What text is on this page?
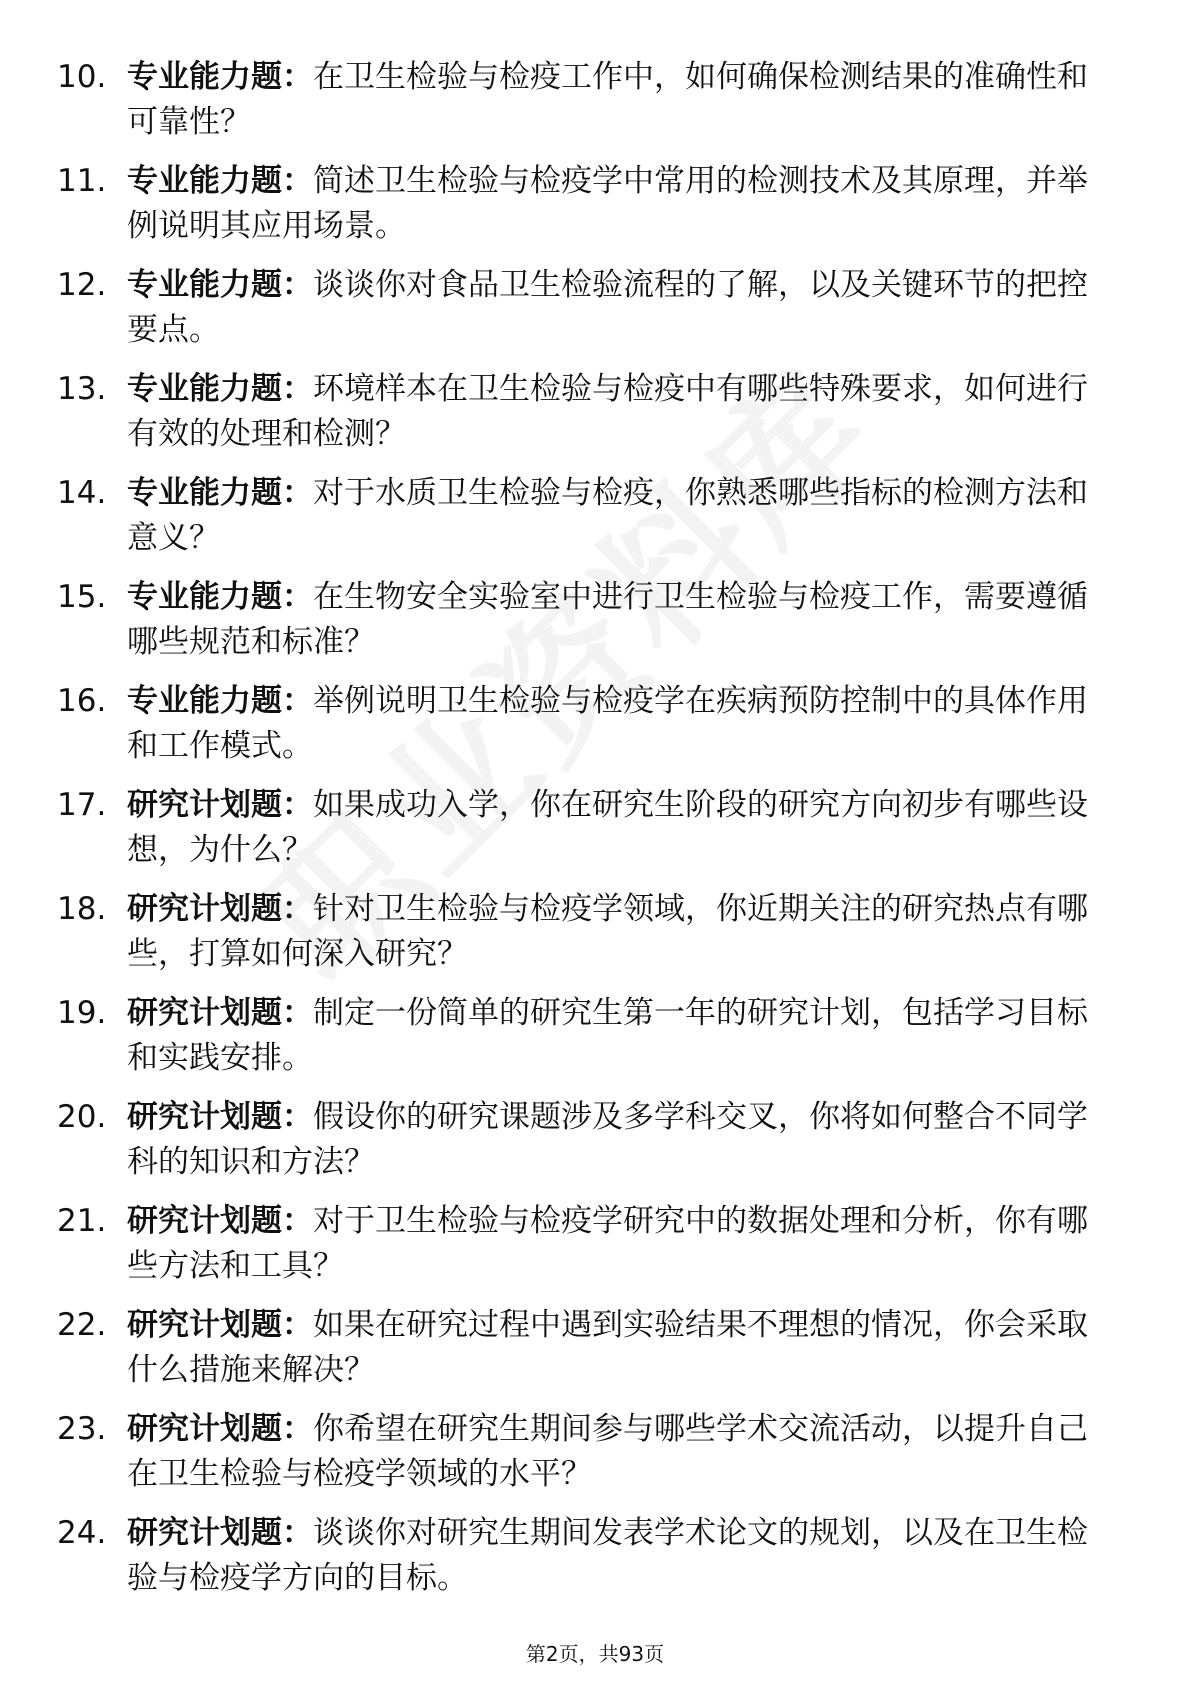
10. 专业能力题：在卫生检验与检疫工作中，如何确保检测结果的准确性和可靠性？
11. 专业能力题：简述卫生检验与检疫学中常用的检测技术及其原理，并举例说明其应用场景。
12. 专业能力题：谈谈你对食品卫生检验流程的了解，以及关键环节的把控要点。
13. 专业能力题：环境样本在卫生检验与检疫中有哪些特殊要求，如何进行有效的处理和检测？
14. 专业能力题：对于水质卫生检验与检疫，你熟悉哪些指标的检测方法和意义？
15. 专业能力题：在生物安全实验室中进行卫生检验与检疫工作，需要遵循哪些规范和标准？
16. 专业能力题：举例说明卫生检验与检疫学在疾病预防控制中的具体作用和工作模式。
17. 研究计划题：如果成功入学，你在研究生阶段的研究方向初步有哪些设想，为什么？
18. 研究计划题：针对卫生检验与检疫学领域，你近期关注的研究热点有哪些，打算如何深入研究？
19. 研究计划题：制定一份简单的研究生第一年的研究计划，包括学习目标和实践安排。
20. 研究计划题：假设你的研究课题涉及多学科交叉，你将如何整合不同学科的知识和方法？
21. 研究计划题：对于卫生检验与检疫学研究中的数据处理和分析，你有哪些方法和工具？
22. 研究计划题：如果在研究过程中遇到实验结果不理想的情况，你会采取什么措施来解决？
23. 研究计划题：你希望在研究生期间参与哪些学术交流活动，以提升自己在卫生检验与检疫学领域的水平？
24. 研究计划题：谈谈你对研究生期间发表学术论文的规划，以及在卫生检验与检疫学方向的目标。
第2页，共93页
